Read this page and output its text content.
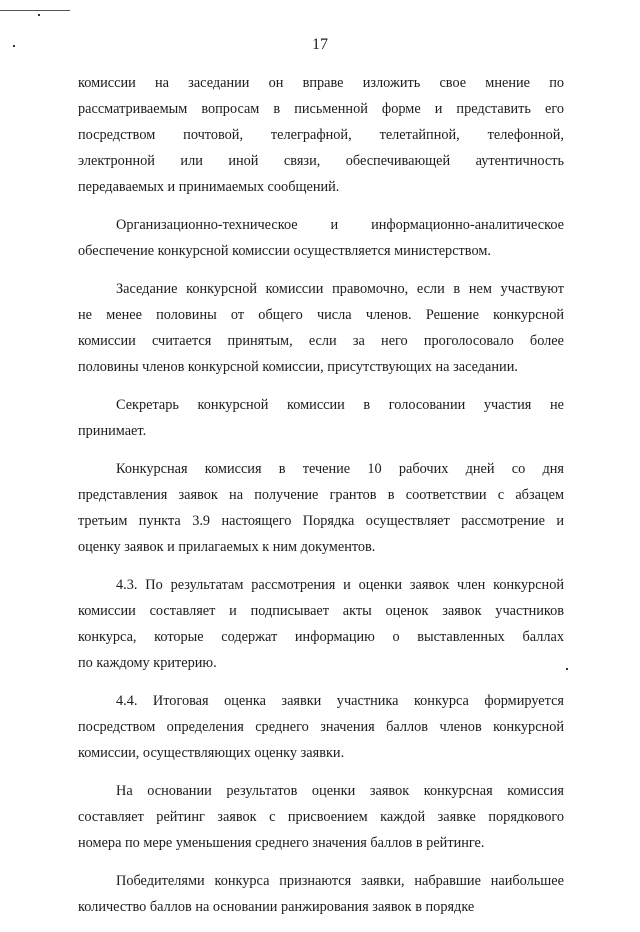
17
комиссии на заседании он вправе изложить свое мнение по
рассматриваемым вопросам в письменной форме и представить его
посредством почтовой, телеграфной, телетайпной, телефонной,
электронной или иной связи, обеспечивающей аутентичность
передаваемых и принимаемых сообщений.
Организационно-техническое и информационно-аналитическое
обеспечение конкурсной комиссии осуществляется министерством.
Заседание конкурсной комиссии правомочно, если в нем участвуют
не менее половины от общего числа членов. Решение конкурсной
комиссии считается принятым, если за него проголосовало более
половины членов конкурсной комиссии, присутствующих на заседании.
Секретарь конкурсной комиссии в голосовании участия не
принимает.
Конкурсная комиссия в течение 10 рабочих дней со дня
представления заявок на получение грантов в соответствии с абзацем
третьим пункта 3.9 настоящего Порядка осуществляет рассмотрение и
оценку заявок и прилагаемых к ним документов.
4.3. По результатам рассмотрения и оценки заявок член конкурсной
комиссии составляет и подписывает акты оценок заявок участников
конкурса, которые содержат информацию о выставленных баллах
по каждому критерию.
4.4. Итоговая оценка заявки участника конкурса формируется
посредством определения среднего значения баллов членов конкурсной
комиссии, осуществляющих оценку заявки.
На основании результатов оценки заявок конкурсная комиссия
составляет рейтинг заявок с присвоением каждой заявке порядкового
номера по мере уменьшения среднего значения баллов в рейтинге.
Победителями конкурса признаются заявки, набравшие наибольшее
количество баллов на основании ранжирования заявок в порядке
